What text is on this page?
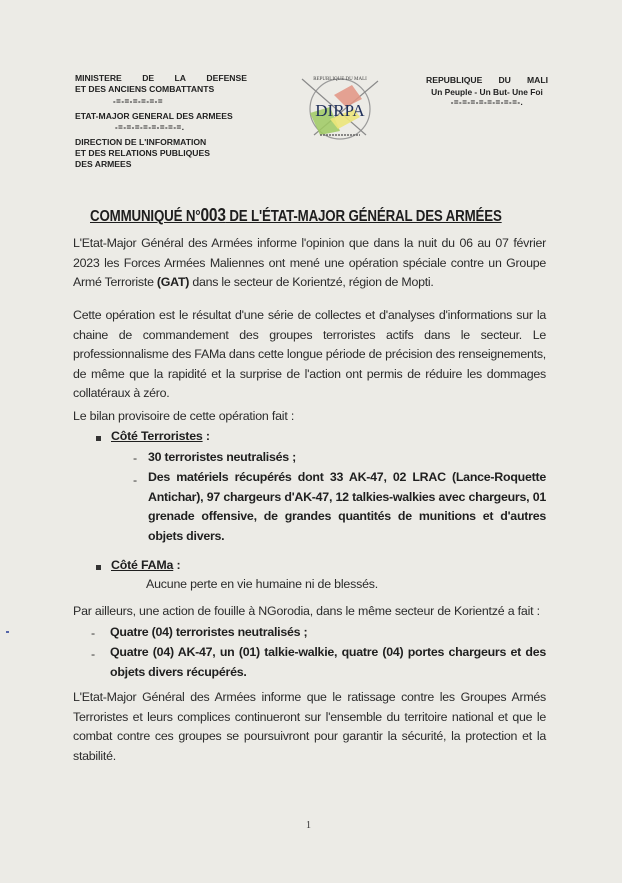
MINISTERE DE LA DEFENSE
ET DES ANCIENS COMBATTANTS
-=-=-=-=-=-=
ETAT-MAJOR GENERAL DES ARMEES
-=-=-=-=-=-=-=-=.
DIRECTION DE L'INFORMATION
ET DES RELATIONS PUBLIQUES
DES ARMEES
REPUBLIQUE DU MALI
DIRPA
REPUBLIQUE DU MALI
Un Peuple - Un But- Une Foi
-=-=-=-=-=-=-=-=-.
COMMUNIQUÉ N°003 DE L'ÉTAT-MAJOR GÉNÉRAL DES ARMÉES
L'Etat-Major Général des Armées informe l'opinion que dans la nuit du 06 au 07 février 2023 les Forces Armées Maliennes ont mené une opération spéciale contre un Groupe Armé Terroriste (GAT) dans le secteur de Korientzé, région de Mopti.
Cette opération est le résultat d'une série de collectes et d'analyses d'informations sur la chaine de commandement des groupes terroristes actifs dans le secteur. Le professionnalisme des FAMa dans cette longue période de précision des renseignements, de même que la rapidité et la surprise de l'action ont permis de réduire les dommages collatéraux à zéro.
Le bilan provisoire de cette opération fait :
Côté Terroristes :
- 30 terroristes neutralisés ;
- Des matériels récupérés dont 33 AK-47, 02 LRAC (Lance-Roquette Antichar), 97 chargeurs d'AK-47, 12 talkies-walkies avec chargeurs, 01 grenade offensive, de grandes quantités de munitions et d'autres objets divers.
Côté FAMa :
Aucune perte en vie humaine ni de blessés.
Par ailleurs, une action de fouille à NGorodia, dans le même secteur de Korientzé a fait :
- Quatre (04) terroristes neutralisés ;
- Quatre (04) AK-47, un (01) talkie-walkie, quatre (04) portes chargeurs et des objets divers récupérés.
L'Etat-Major Général des Armées informe que le ratissage contre les Groupes Armés Terroristes et leurs complices continueront sur l'ensemble du territoire national et que le combat contre ces groupes se poursuivront pour garantir la sécurité, la protection et la stabilité.
1
